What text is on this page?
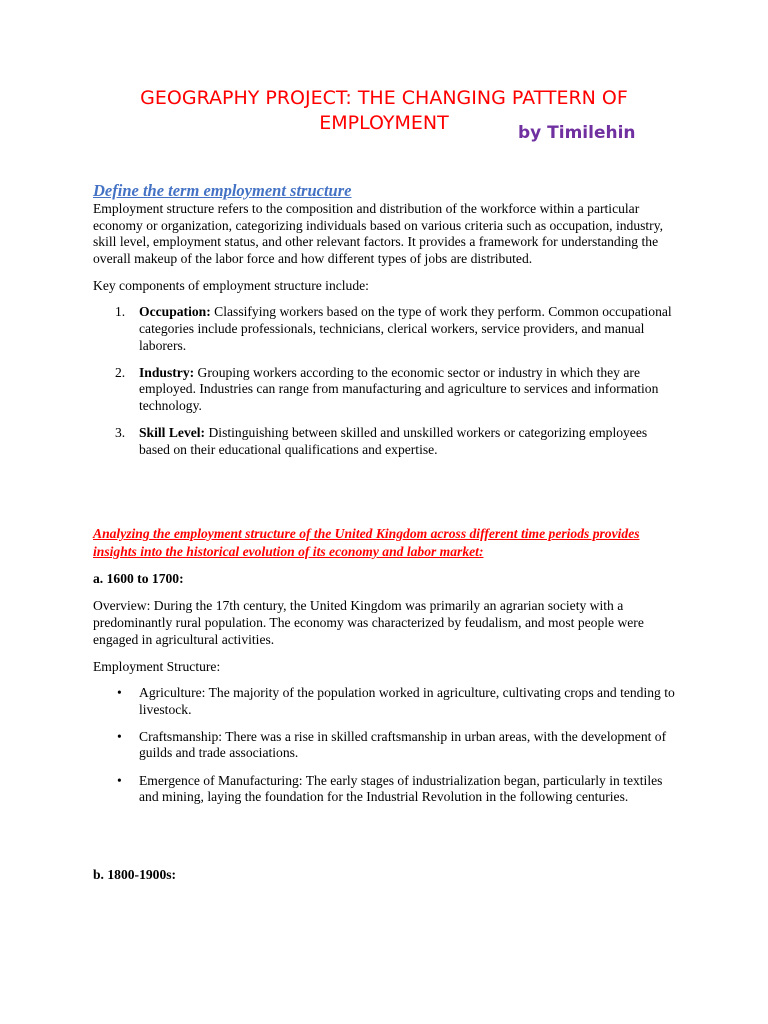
GEOGRAPHY PROJECT: THE CHANGING PATTERN OF EMPLOYMENT	by Timilehin
Define the term employment structure

Employment structure refers to the composition and distribution of the workforce within a particular economy or organization, categorizing individuals based on various criteria such as occupation, industry, skill level, employment status, and other relevant factors. It provides a framework for understanding the overall makeup of the labor force and how different types of jobs are distributed.

Key components of employment structure include:

1. Occupation: Classifying workers based on the type of work they perform. Common occupational categories include professionals, technicians, clerical workers, service providers, and manual laborers.
2. Industry: Grouping workers according to the economic sector or industry in which they are employed. Industries can range from manufacturing and agriculture to services and information technology.
3. Skill Level: Distinguishing between skilled and unskilled workers or categorizing employees based on their educational qualifications and expertise.

Analyzing the employment structure of the United Kingdom across different time periods provides insights into the historical evolution of its economy and labor market:

a. 1600 to 1700:

Overview: During the 17th century, the United Kingdom was primarily an agrarian society with a predominantly rural population. The economy was characterized by feudalism, and most people were engaged in agricultural activities.

Employment Structure:

• Agriculture: The majority of the population worked in agriculture, cultivating crops and tending to livestock.
• Craftsmanship: There was a rise in skilled craftsmanship in urban areas, with the development of guilds and trade associations.
• Emergence of Manufacturing: The early stages of industrialization began, particularly in textiles and mining, laying the foundation for the Industrial Revolution in the following centuries.

b. 1800-1900s:
